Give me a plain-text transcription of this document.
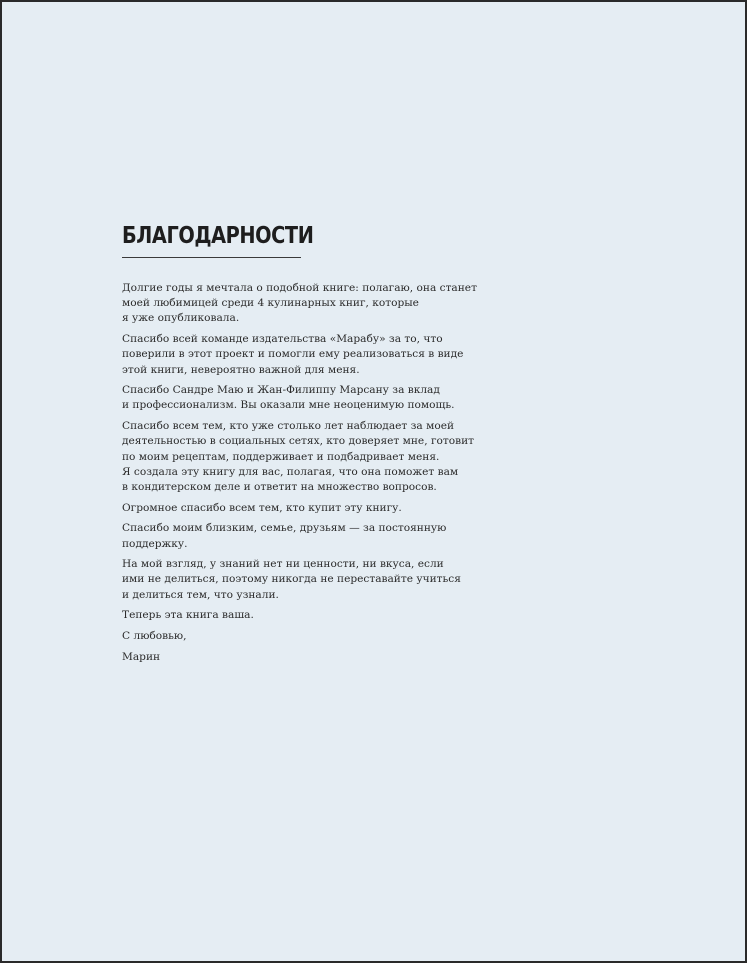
БЛАГОДАРНОСТИ

Долгие годы я мечтала о подобной книге: полагаю, она станет
моей любимицей среди 4 кулинарных книг, которые
я уже опубликовала.

Спасибо всей команде издательства «Марабу» за то, что
поверили в этот проект и помогли ему реализоваться в виде
этой книги, невероятно важной для меня.

Спасибо Сандре Маю и Жан-Филиппу Марсану за вклад
и профессионализм. Вы оказали мне неоценимую помощь.

Спасибо всем тем, кто уже столько лет наблюдает за моей
деятельностью в социальных сетях, кто доверяет мне, готовит
по моим рецептам, поддерживает и подбадривает меня.
Я создала эту книгу для вас, полагая, что она поможет вам
в кондитерском деле и ответит на множество вопросов.

Огромное спасибо всем тем, кто купит эту книгу.

Спасибо моим близким, семье, друзьям — за постоянную
поддержку.

На мой взгляд, у знаний нет ни ценности, ни вкуса, если
ими не делиться, поэтому никогда не переставайте учиться
и делиться тем, что узнали.

Теперь эта книга ваша.

С любовью,

Марин
